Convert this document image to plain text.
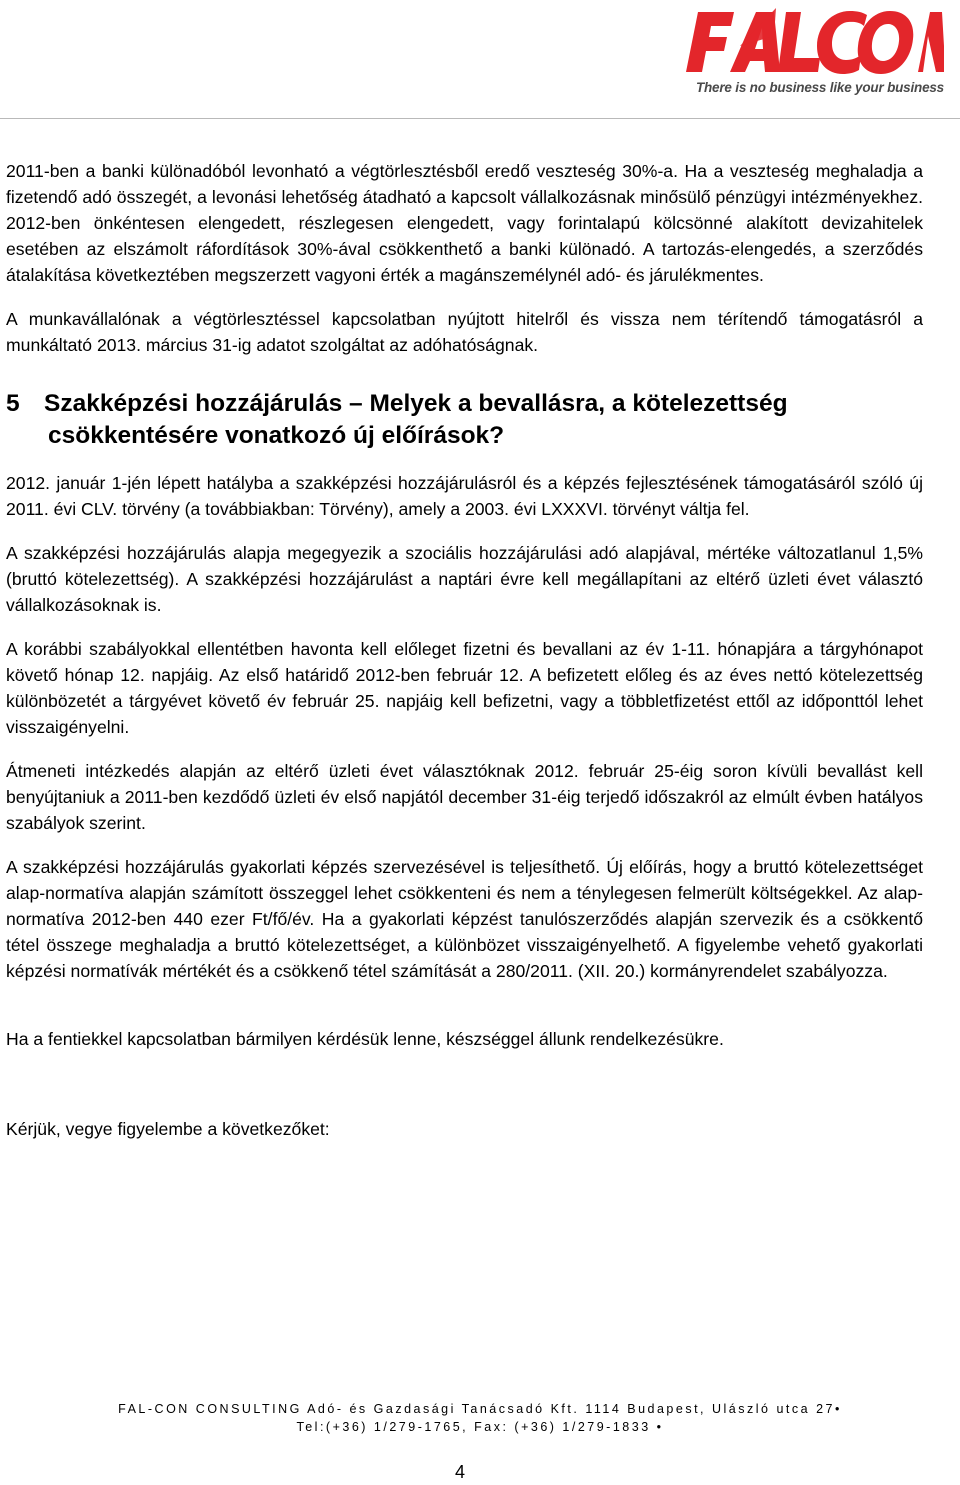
There is no business like your business

2011-ben a banki különadóból levonható a végtörlesztésből eredő veszteség 30%-a. Ha a veszteség meghaladja a fizetendő adó összegét, a levonási lehetőség átadható a kapcsolt vállalkozásnak minősülő pénzügyi intézményekhez. 2012-ben önkéntesen elengedett, részlegesen elengedett, vagy forintalapú kölcsönné alakított devizahitelek esetében az elszámolt ráfordítások 30%-ával csökkenthető a banki különadó. A tartozás-elengedés, a szerződés átalakítása következtében megszerzett vagyoni érték a magánszemélynél adó- és járulékmentes.

A munkavállalónak a végtörlesztéssel kapcsolatban nyújtott hitelről és vissza nem térítendő támogatásról a munkáltató 2013. március 31-ig adatot szolgáltat az adóhatóságnak.

5 Szakképzési hozzájárulás – Melyek a bevallásra, a kötelezettség
csökkentésére vonatkozó új előírások?

2012. január 1-jén lépett hatályba a szakképzési hozzájárulásról és a képzés fejlesztésének támogatásáról szóló új 2011. évi CLV. törvény (a továbbiakban: Törvény), amely a 2003. évi LXXXVI. törvényt váltja fel.

A szakképzési hozzájárulás alapja megegyezik a szociális hozzájárulási adó alapjával, mértéke változatlanul 1,5% (bruttó kötelezettség). A szakképzési hozzájárulást a naptári évre kell megállapítani az eltérő üzleti évet választó vállalkozásoknak is.

A korábbi szabályokkal ellentétben havonta kell előleget fizetni és bevallani az év 1-11. hónapjára a tárgyhónapot követő hónap 12. napjáig. Az első határidő 2012-ben február 12. A befizetett előleg és az éves nettó kötelezettség különbözetét a tárgyévet követő év február 25. napjáig kell befizetni, vagy a többletfizetést ettől az időponttól lehet visszaigényelni.

Átmeneti intézkedés alapján az eltérő üzleti évet választóknak 2012. február 25-éig soron kívüli bevallást kell benyújtaniuk a 2011-ben kezdődő üzleti év első napjától december 31-éig terjedő időszakról az elmúlt évben hatályos szabályok szerint.

A szakképzési hozzájárulás gyakorlati képzés szervezésével is teljesíthető. Új előírás, hogy a bruttó kötelezettséget alap-normatíva alapján számított összeggel lehet csökkenteni és nem a ténylegesen felmerült költségekkel. Az alap-normatíva 2012-ben 440 ezer Ft/fő/év. Ha a gyakorlati képzést tanulószerződés alapján szervezik és a csökkentő tétel összege meghaladja a bruttó kötelezettséget, a különbözet visszaigényelhető. A figyelembe vehető gyakorlati képzési normatívák mértékét és a csökkenő tétel számítását a 280/2011. (XII. 20.) kormányrendelet szabályozza.

Ha a fentiekkel kapcsolatban bármilyen kérdésük lenne, készséggel állunk rendelkezésükre.

Kérjük, vegye figyelembe a következőket:

FAL-CON CONSULTING Adó- és Gazdasági Tanácsadó Kft. 1114 Budapest, Ulászló utca 27•
Tel:(+36) 1/279-1765, Fax: (+36) 1/279-1833 •
4
